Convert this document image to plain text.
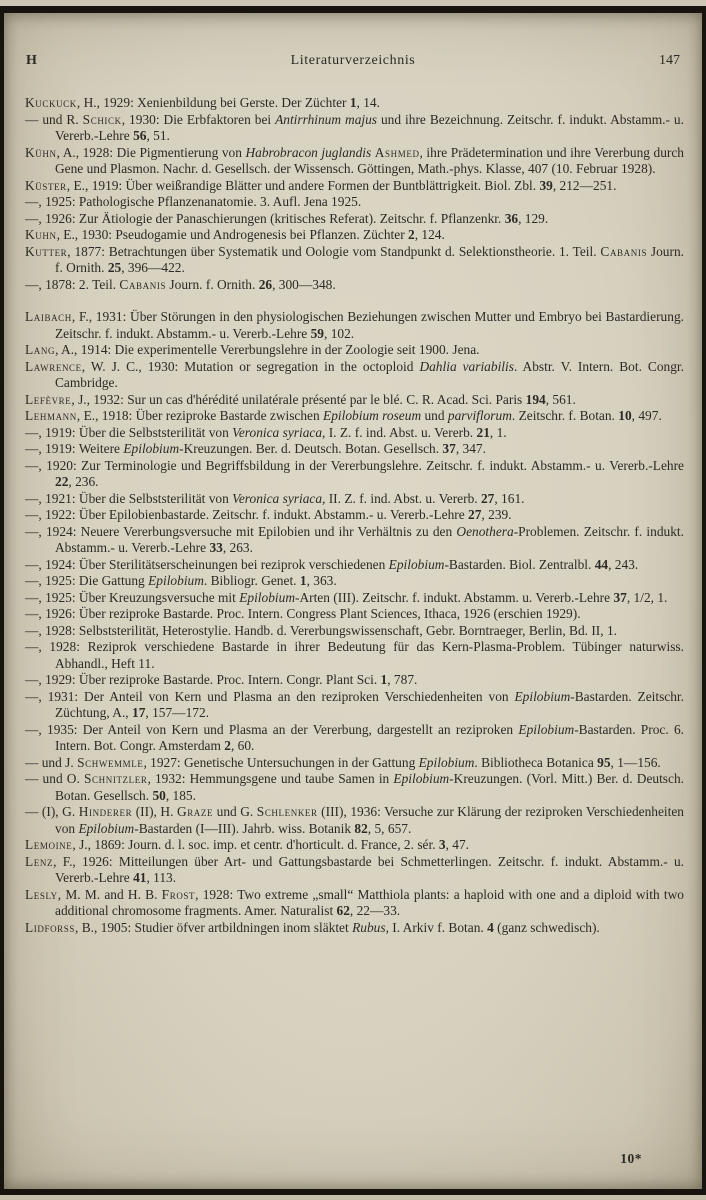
H	Literaturverzeichnis	147

Kuckuck, H., 1929: Xenienbildung bei Gerste. Der Züchter 1, 14.

— und R. Schick, 1930: Die Erbfaktoren bei Antirrhinum majus und ihre Bezeichnung. Zeitschr. f. indukt. Abstamm.- u. Vererb.-Lehre 56, 51.

Kühn, A., 1928: Die Pigmentierung von Habrobracon juglandis Ashmed, ihre Prädetermination und ihre Vererbung durch Gene und Plasmon. Nachr. d. Gesellsch. der Wissensch. Göttingen, Math.-phys. Klasse, 407 (10. Februar 1928).

Küster, E., 1919: Über weißrandige Blätter und andere Formen der Buntblättrigkeit. Biol. Zbl. 39, 212—251.

—, 1925: Pathologische Pflanzenanatomie. 3. Aufl. Jena 1925.

—, 1926: Zur Ätiologie der Panaschierungen (kritisches Referat). Zeitschr. f. Pflanzenkr. 36, 129.

Kuhn, E., 1930: Pseudogamie und Androgenesis bei Pflanzen. Züchter 2, 124.

Kutter, 1877: Betrachtungen über Systematik und Oologie vom Standpunkt d. Selektionstheorie. 1. Teil. Cabanis Journ. f. Ornith. 25, 396—422.

—, 1878: 2. Teil. Cabanis Journ. f. Ornith. 26, 300—348.

Laibach, F., 1931: Über Störungen in den physiologischen Beziehungen zwischen Mutter und Embryo bei Bastardierung. Zeitschr. f. indukt. Abstamm.- u. Vererb.-Lehre 59, 102.

Lang, A., 1914: Die experimentelle Vererbungslehre in der Zoologie seit 1900. Jena.

Lawrence, W. J. C., 1930: Mutation or segregation in the octoploid Dahlia variabilis. Abstr. V. Intern. Bot. Congr. Cambridge.

Lefèvre, J., 1932: Sur un cas d'hérédité unilatérale présenté par le blé. C. R. Acad. Sci. Paris 194, 561.

Lehmann, E., 1918: Über reziproke Bastarde zwischen Epilobium roseum und parviflorum. Zeitschr. f. Botan. 10, 497.

—, 1919: Über die Selbststerilität von Veronica syriaca, I. Z. f. ind. Abst. u. Vererb. 21, 1.

—, 1919: Weitere Epilobium-Kreuzungen. Ber. d. Deutsch. Botan. Gesellsch. 37, 347.

—, 1920: Zur Terminologie und Begriffsbildung in der Vererbungslehre. Zeitschr. f. indukt. Abstamm.- u. Vererb.-Lehre 22, 236.

—, 1921: Über die Selbststerilität von Veronica syriaca, II. Z. f. ind. Abst. u. Vererb. 27, 161.

—, 1922: Über Epilobienbastarde. Zeitschr. f. indukt. Abstamm.- u. Vererb.-Lehre 27, 239.

—, 1924: Neuere Vererbungsversuche mit Epilobien und ihr Verhältnis zu den Oenothera-Problemen. Zeitschr. f. indukt. Abstamm.- u. Vererb.-Lehre 33, 263.

—, 1924: Über Sterilitätserscheinungen bei reziprok verschiedenen Epilobium-Bastarden. Biol. Zentralbl. 44, 243.

—, 1925: Die Gattung Epilobium. Bibliogr. Genet. 1, 363.

—, 1925: Über Kreuzungsversuche mit Epilobium-Arten (III). Zeitschr. f. indukt. Abstamm. u. Vererb.-Lehre 37, 1/2, 1.

—, 1926: Über reziproke Bastarde. Proc. Intern. Congress Plant Sciences, Ithaca, 1926 (erschien 1929).

—, 1928: Selbststerilität, Heterostylie. Handb. d. Vererbungswissenschaft, Gebr. Borntraeger, Berlin, Bd. II, 1.

—, 1928: Reziprok verschiedene Bastarde in ihrer Bedeutung für das Kern-Plasma-Problem. Tübinger naturwiss. Abhandl., Heft 11.

—, 1929: Über reziproke Bastarde. Proc. Intern. Congr. Plant Sci. 1, 787.

—, 1931: Der Anteil von Kern und Plasma an den reziproken Verschiedenheiten von Epilobium-Bastarden. Zeitschr. Züchtung, A., 17, 157—172.

—, 1935: Der Anteil von Kern und Plasma an der Vererbung, dargestellt an reziproken Epilobium-Bastarden. Proc. 6. Intern. Bot. Congr. Amsterdam 2, 60.

— und J. Schwemmle, 1927: Genetische Untersuchungen in der Gattung Epilobium. Bibliotheca Botanica 95, 1—156.

— und O. Schnitzler, 1932: Hemmungsgene und taube Samen in Epilobium-Kreuzungen. (Vorl. Mitt.) Ber. d. Deutsch. Botan. Gesellsch. 50, 185.

— (I), G. Hinderer (II), H. Graze und G. Schlenker (III), 1936: Versuche zur Klärung der reziproken Verschiedenheiten von Epilobium-Bastarden (I—III). Jahrb. wiss. Botanik 82, 5, 657.

Lemoine, J., 1869: Journ. d. l. soc. imp. et centr. d'horticult. d. France, 2. sér. 3, 47.

Lenz, F., 1926: Mitteilungen über Art- und Gattungsbastarde bei Schmetterlingen. Zeitschr. f. indukt. Abstamm.- u. Vererb.-Lehre 41, 113.

Lesly, M. M. and H. B. Frost, 1928: Two extreme „small“ Matthiola plants: a haploid with one and a diploid with two additional chromosome fragments. Amer. Naturalist 62, 22—33.

Lidforss, B., 1905: Studier öfver artbildningen inom släktet Rubus, I. Arkiv f. Botan. 4 (ganz schwedisch).

10*
